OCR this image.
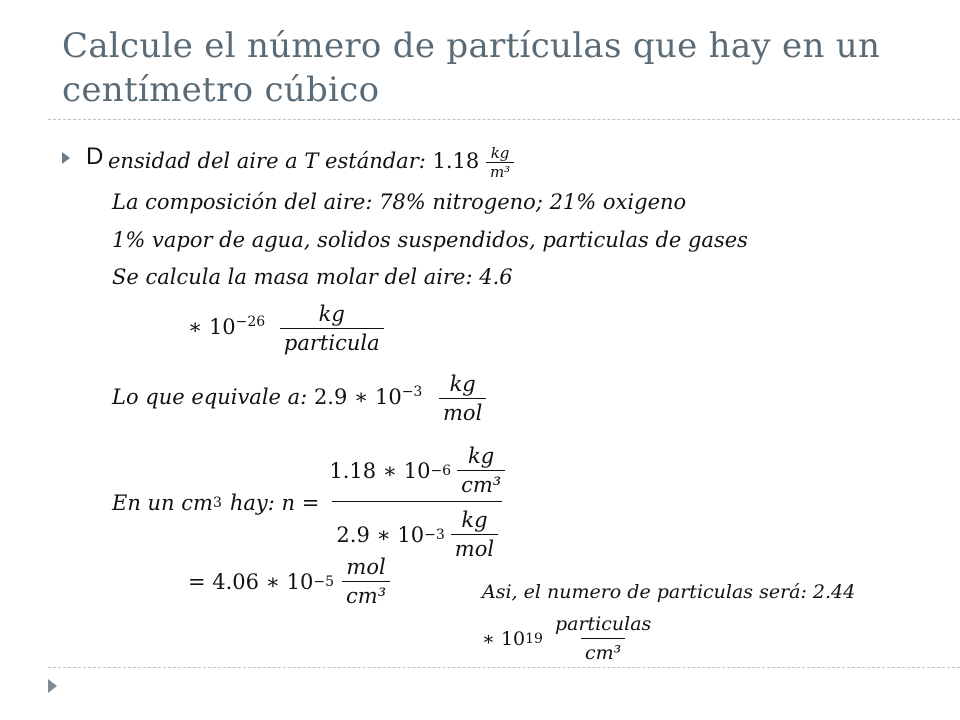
Calcule el número de partículas que hay en un centímetro cúbico
D ensidad del aire a T estándar: $1.18 \frac{kg}{\text{m³}}$
La composición del aire: 78% nitrogeno; 21% oxigeno
1% vapor de agua, solidos suspendidos, particulas de gases
Se calcula la masa molar del aire: 4.6
∗ $10^{-26} \frac{kg}{\text{particula}}$
Lo que equivale a: 2.9 ∗ $10^{-3} \frac{kg}{\text{mol}}$
En un cm 3 hay: $n = \frac{1.18 ∗ 10 -6 \frac{kg}{\text{cm³}}}{2.9 ∗ 10 -3 \frac{kg}{\text{mol}}}$
= 4.06 ∗ $10 -5 \frac{\text{mol}}{\text{cm³}}$	Asi, el numero de particulas será: 2.44
∗ 10 $19 \frac{\text{particulas}}{\text{cm³}}$
